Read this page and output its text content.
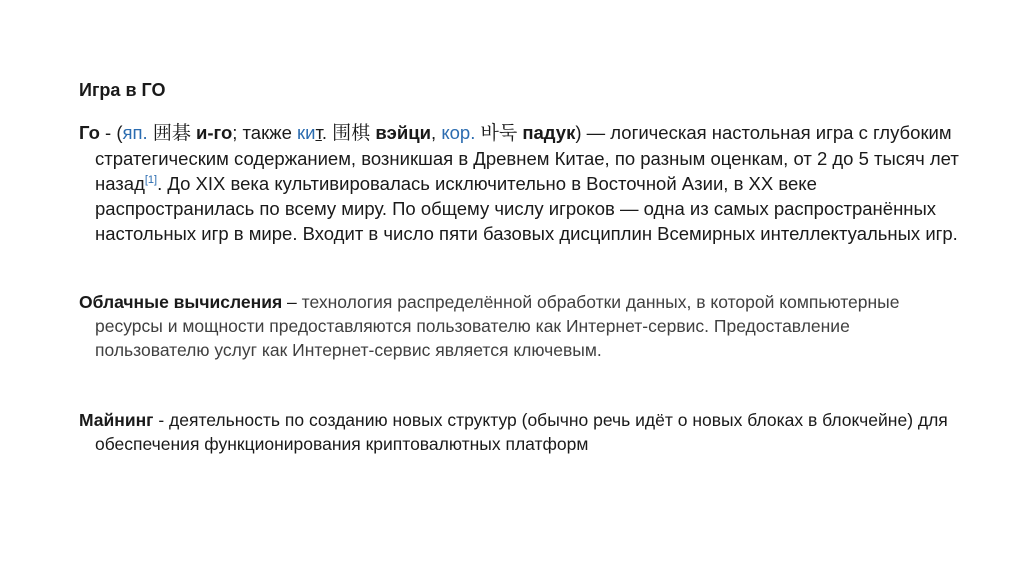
Игра в ГО

Го - (яп. 囲碁 и-го; также кит. 围棋 вэйци, кор. 바둑 падук) — логическая настольная игра с глубоким стратегическим содержанием, возникшая в Древнем Китае, по разным оценкам, от 2 до 5 тысяч лет назад[1]. До XIX века культивировалась исключительно в Восточной Азии, в XX веке распространилась по всему миру. По общему числу игроков — одна из самых распространённых настольных игр в мире. Входит в число пяти базовых дисциплин Всемирных интеллектуальных игр.

Облачные вычисления – технология распределённой обработки данных, в которой компьютерные ресурсы и мощности предоставляются пользователю как Интернет-сервис. Предоставление пользователю услуг как Интернет-сервис является ключевым.

Майнинг - деятельность по созданию новых структур (обычно речь идёт о новых блоках в блокчейне) для обеспечения функционирования криптовалютных платформ
